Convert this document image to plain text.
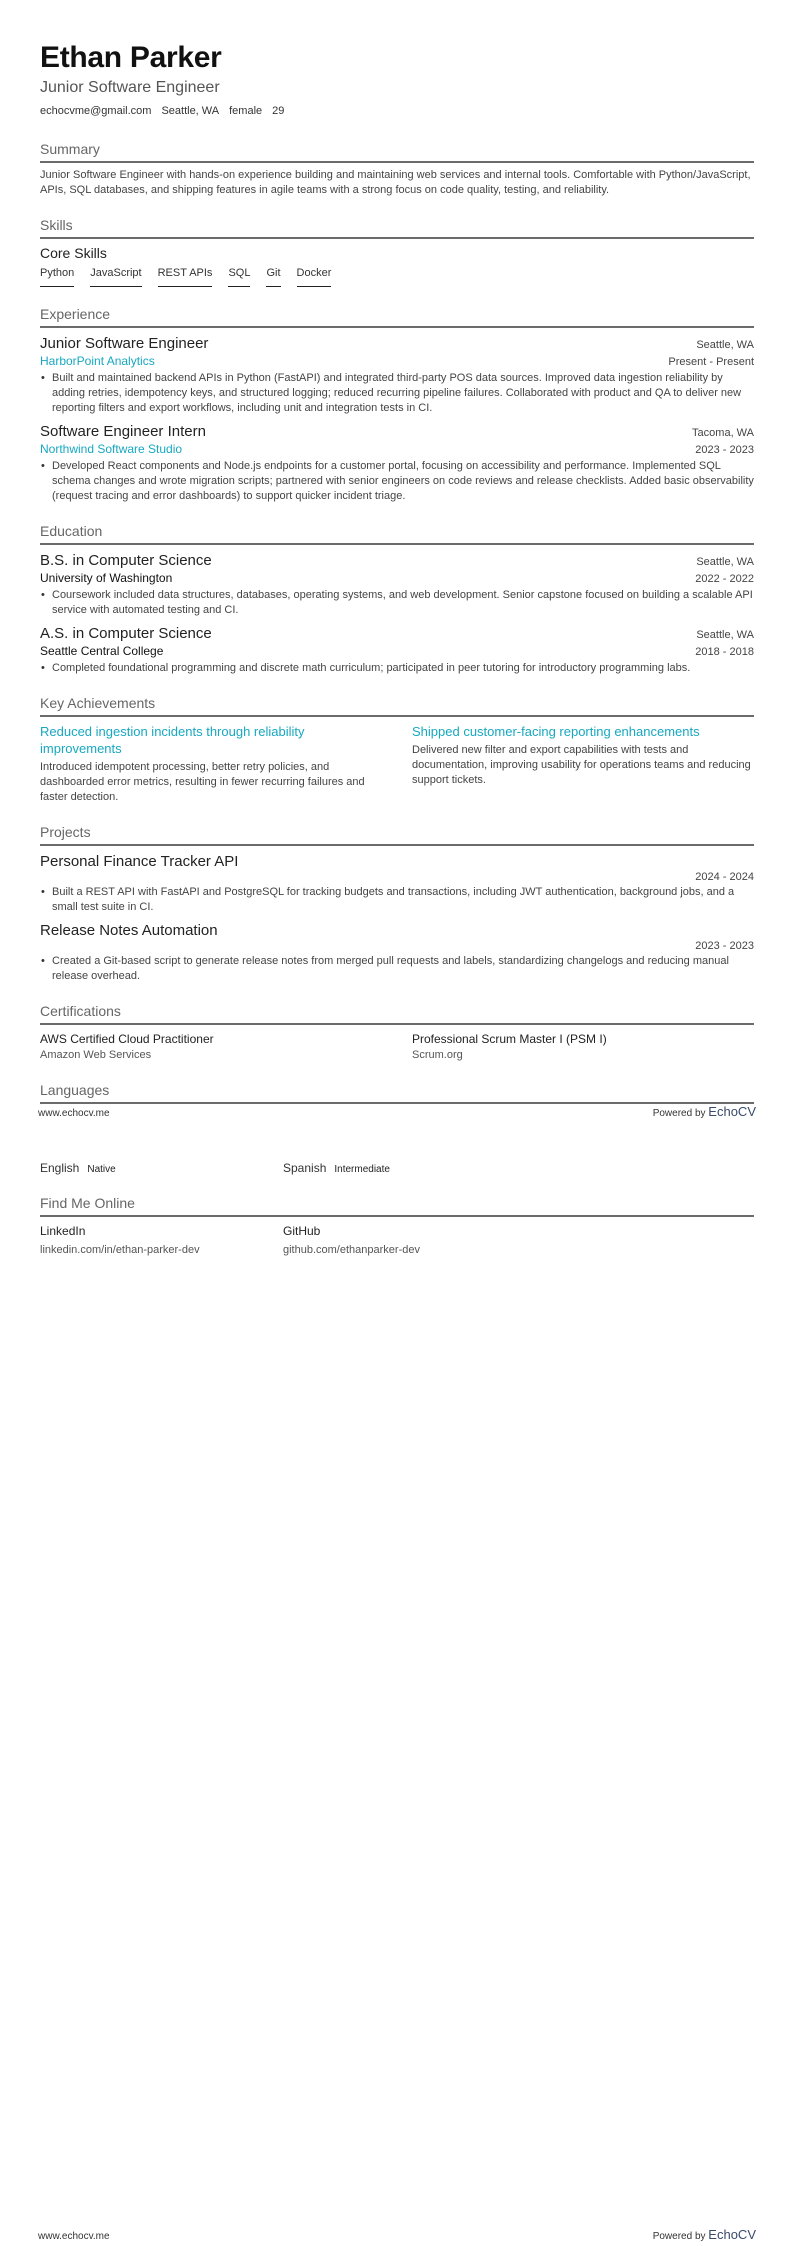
Ethan Parker
Junior Software Engineer
echocvme@gmail.com Seattle, WA female 29
Summary
Junior Software Engineer with hands-on experience building and maintaining web services and internal tools. Comfortable with Python/JavaScript, APIs, SQL databases, and shipping features in agile teams with a strong focus on code quality, testing, and reliability.
Skills
Core Skills
Python JavaScript REST APIs SQL Git Docker
Experience
Junior Software Engineer	Seattle, WA
HarborPoint Analytics	Present - Present
• Built and maintained backend APIs in Python (FastAPI) and integrated third-party POS data sources. Improved data ingestion reliability by adding retries, idempotency keys, and structured logging; reduced recurring pipeline failures. Collaborated with product and QA to deliver new reporting filters and export workflows, including unit and integration tests in CI.
Software Engineer Intern	Tacoma, WA
Northwind Software Studio	2023 - 2023
• Developed React components and Node.js endpoints for a customer portal, focusing on accessibility and performance. Implemented SQL schema changes and wrote migration scripts; partnered with senior engineers on code reviews and release checklists. Added basic observability (request tracing and error dashboards) to support quicker incident triage.
Education
B.S. in Computer Science	Seattle, WA
University of Washington	2022 - 2022
• Coursework included data structures, databases, operating systems, and web development. Senior capstone focused on building a scalable API service with automated testing and CI.
A.S. in Computer Science	Seattle, WA
Seattle Central College	2018 - 2018
• Completed foundational programming and discrete math curriculum; participated in peer tutoring for introductory programming labs.
Key Achievements
Reduced ingestion incidents through reliability improvements
Introduced idempotent processing, better retry policies, and dashboarded error metrics, resulting in fewer recurring failures and faster detection.
Shipped customer-facing reporting enhancements
Delivered new filter and export capabilities with tests and documentation, improving usability for operations teams and reducing support tickets.
Projects
Personal Finance Tracker API
2024 - 2024
• Built a REST API with FastAPI and PostgreSQL for tracking budgets and transactions, including JWT authentication, background jobs, and a small test suite in CI.
Release Notes Automation
2023 - 2023
• Created a Git-based script to generate release notes from merged pull requests and labels, standardizing changelogs and reducing manual release overhead.
Certifications
AWS Certified Cloud Practitioner
Amazon Web Services
Professional Scrum Master I (PSM I)
Scrum.org
Languages
www.echocv.me	Powered by EchoCV
English Native	Spanish Intermediate
Find Me Online
LinkedIn
linkedin.com/in/ethan-parker-dev
GitHub
github.com/ethanparker-dev
www.echocv.me	Powered by EchoCV
